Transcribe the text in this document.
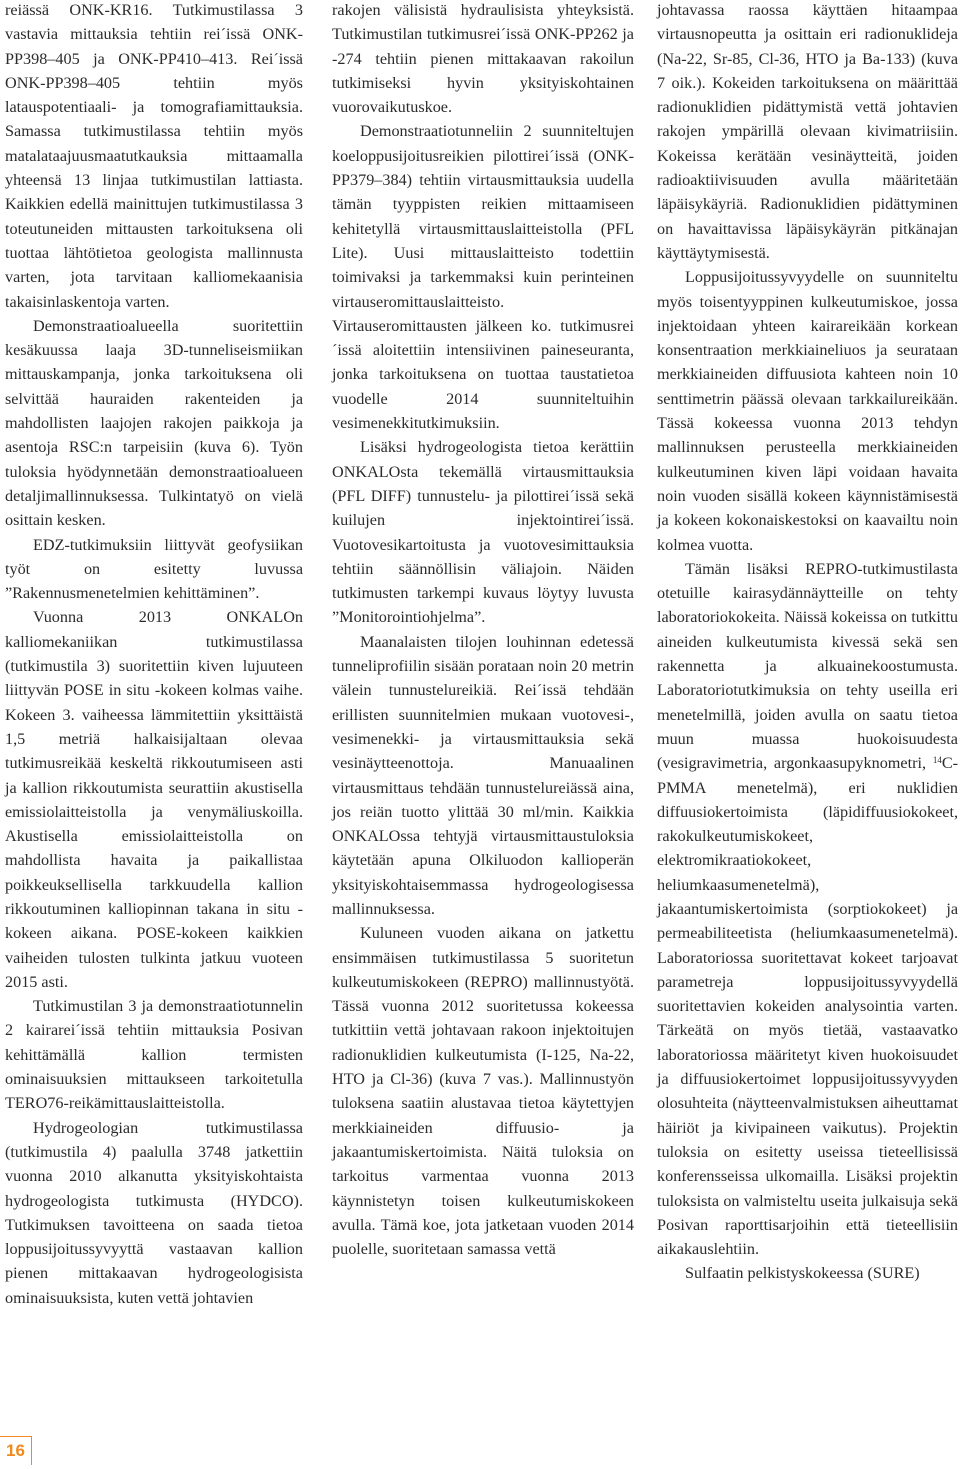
reiässä ONK-KR16. Tutkimustilassa 3 vastavia mittauksia tehtiin rei´issä ONK-PP398–405 ja ONK-PP410–413. Rei´issä ONK-PP398–405 tehtiin myös latauspotentiaali- ja tomografiamittauksia. Samassa tutkimustilassa tehtiin myös matalataajuusmaatutkauksia mittaamalla yhteensä 13 linjaa tutkimustilan lattiasta. Kaikkien edellä mainittujen tutkimustilassa 3 toteutuneiden mittausten tarkoituksena oli tuottaa lähtötietoa geologista mallinnusta varten, jota tarvitaan kalliomekaanisia takaisinlaskentoja varten.

Demonstraatioalueella suoritettiin kesäkuussa laaja 3D-tunneliseismiikan mittauskampanja, jonka tarkoituksena oli selvittää hauraiden rakenteiden ja mahdollisten laajojen rakojen paikkoja ja asentoja RSC:n tarpeisiin (kuva 6). Työn tuloksia hyödynnetään demonstraatioalueen detaljimallinnuksessa. Tulkintatyö on vielä osittain kesken.

EDZ-tutkimuksiin liittyvät geofysiikan työt on esitetty luvussa ”Rakennusmenetelmien kehittäminen”.

Vuonna 2013 ONKALOn kalliomekaniikan tutkimustilassa (tutkimustila 3) suoritettiin kiven lujuuteen liittyvän POSE in situ -kokeen kolmas vaihe. Kokeen 3. vaiheessa lämmitettiin yksittäistä 1,5 metriä halkaisijaltaan olevaa tutkimusreikää keskeltä rikkoutumiseen asti ja kallion rikkoutumista seurattiin akustisella emissiolaitteistolla ja venymäliuskoilla. Akustisella emissiolaitteistolla on mahdollista havaita ja paikallistaa poikkeuksellisella tarkkuudella kallion rikkoutuminen kalliopinnan takana in situ -kokeen aikana. POSE-kokeen kaikkien vaiheiden tulosten tulkinta jatkuu vuoteen 2015 asti.

Tutkimustilan 3 ja demonstraatiotunnelin 2 kairarei´issä tehtiin mittauksia Posivan kehittämällä kallion termisten ominaisuuksien mittaukseen tarkoitetulla TERO76-reikämittauslaitteistolla.

Hydrogeologian tutkimustilassa (tutkimustila 4) paalulla 3748 jatkettiin vuonna 2010 alkanutta yksityiskohtaista hydrogeologista tutkimusta (HYDCO). Tutkimuksen tavoitteena on saada tietoa loppusijoitussyvyyttä vastaavan kallion pienen mittakaavan hydrogeologisista ominaisuuksista, kuten vettä johtavien

rakojen välisistä hydraulisista yhteyksistä. Tutkimustilan tutkimusrei´issä ONK-PP262 ja -274 tehtiin pienen mittakaavan rakoilun tutkimiseksi hyvin yksityiskohtainen vuorovaikutuskoe.

Demonstraatiotunneliin 2 suunniteltujen koeloppusijoitusreikien pilottirei´issä (ONK-PP379–384) tehtiin virtausmittauksia uudella tämän tyyppisten reikien mittaamiseen kehitetyllä virtausmittauslaitteistolla (PFL Lite). Uusi mittauslaitteisto todettiin toimivaksi ja tarkemmaksi kuin perinteinen virtauseromittauslaitteisto. Virtauseromittausten jälkeen ko. tutkimusrei´issä aloitettiin intensiivinen paineseuranta, jonka tarkoituksena on tuottaa taustatietoa vuodelle 2014 suunniteltuihin vesimenekkitutkimuksiin.

Lisäksi hydrogeologista tietoa kerättiin ONKALOsta tekemällä virtausmittauksia (PFL DIFF) tunnustelu- ja pilottirei´issä sekä kuilujen injektointirei´issä. Vuotovesikartoitusta ja vuotovesimittauksia tehtiin säännöllisin väliajoin. Näiden tutkimusten tarkempi kuvaus löytyy luvusta ”Monitorointiohjelma”.

Maanalaisten tilojen louhinnan edetessä tunneliprofiilin sisään porataan noin 20 metrin välein tunnustelureikiä. Rei´issä tehdään erillisten suunnitelmien mukaan vuotovesi-, vesimenekki- ja virtausmittauksia sekä vesinäytteenottoja. Manuaalinen virtausmittaus tehdään tunnustelureiässä aina, jos reiän tuotto ylittää 30 ml/min. Kaikkia ONKALOssa tehtyjä virtausmittaustuloksia käytetään apuna Olkiluodon kallioperän yksityiskohtaisemmassa hydrogeologisessa mallinnuksessa.

Kuluneen vuoden aikana on jatkettu ensimmäisen tutkimustilassa 5 suoritetun kulkeutumiskokeen (REPRO) mallinnustyötä. Tässä vuonna 2012 suoritetussa kokeessa tutkittiin vettä johtavaan rakoon injektoitujen radionuklidien kulkeutumista (I-125, Na-22, HTO ja Cl-36) (kuva 7 vas.). Mallinnustyön tuloksena saatiin alustavaa tietoa käytettyjen merkkiaineiden diffuusio- ja jakaantumiskertoimista. Näitä tuloksia on tarkoitus varmentaa vuonna 2013 käynnistetyn toisen kulkeutumiskokeen avulla. Tämä koe, jota jatketaan vuoden 2014 puolelle, suoritetaan samassa vettä

johtavassa raossa käyttäen hitaampaa virtausnopeutta ja osittain eri radionuklideja (Na-22, Sr-85, Cl-36, HTO ja Ba-133) (kuva 7 oik.). Kokeiden tarkoituksena on määrittää radionuklidien pidättymistä vettä johtavien rakojen ympärillä olevaan kivimatriisiin. Kokeissa kerätään vesinäytteitä, joiden radioaktiivisuuden avulla määritetään läpäisykäyriä. Radionuklidien pidättyminen on havaittavissa läpäisykäyrän pitkänajan käyttäytymisestä.

Loppusijoitussyvyydelle on suunniteltu myös toisentyyppinen kulkeutumiskoe, jossa injektoidaan yhteen kairareikään korkean konsentraation merkkiaineliuos ja seurataan merkkiaineiden diffuusiota kahteen noin 10 senttimetrin päässä olevaan tarkkailureikään. Tässä kokeessa vuonna 2013 tehdyn mallinnuksen perusteella merkkiaineiden kulkeutuminen kiven läpi voidaan havaita noin vuoden sisällä kokeen käynnistämisestä ja kokeen kokonaiskestoksi on kaavailtu noin kolmea vuotta.

Tämän lisäksi REPRO-tutkimustilasta otetuille kairasydännäytteille on tehty laboratoriokokeita. Näissä kokeissa on tutkittu aineiden kulkeutumista kivessä sekä sen rakennetta ja alkuainekoostumusta. Laboratoriotutkimuksia on tehty useilla eri menetelmillä, joiden avulla on saatu tietoa muun muassa huokoisuudesta (vesigravimetria, argonkaasupyknometri, $^{14}$C-PMMA menetelmä), eri nuklidien diffuusiokertoimista (läpidiffuusiokokeet, rakokulkeutumiskokeet, elektromikraatiokokeet, heliumkaasumenetelmä), jakaantumiskertoimista (sorptiokokeet) ja permeabiliteetista (heliumkaasumenetelmä). Laboratoriossa suoritettavat kokeet tarjoavat parametreja loppusijoitussyvyydellä suoritettavien kokeiden analysointia varten. Tärkeätä on myös tietää, vastaavatko laboratoriossa määritetyt kiven huokoisuudet ja diffuusiokertoimet loppusijoitussyvyyden olosuhteita (näytteenvalmistuksen aiheuttamat häiriöt ja kivipaineen vaikutus). Projektin tuloksia on esitetty useissa tieteellisissä konferensseissa ulkomailla. Lisäksi projektin tuloksista on valmisteltu useita julkaisuja sekä Posivan raporttisarjoihin että tieteellisiin aikakauslehtiin.

Sulfaatin pelkistyskokeessa (SURE)

16
